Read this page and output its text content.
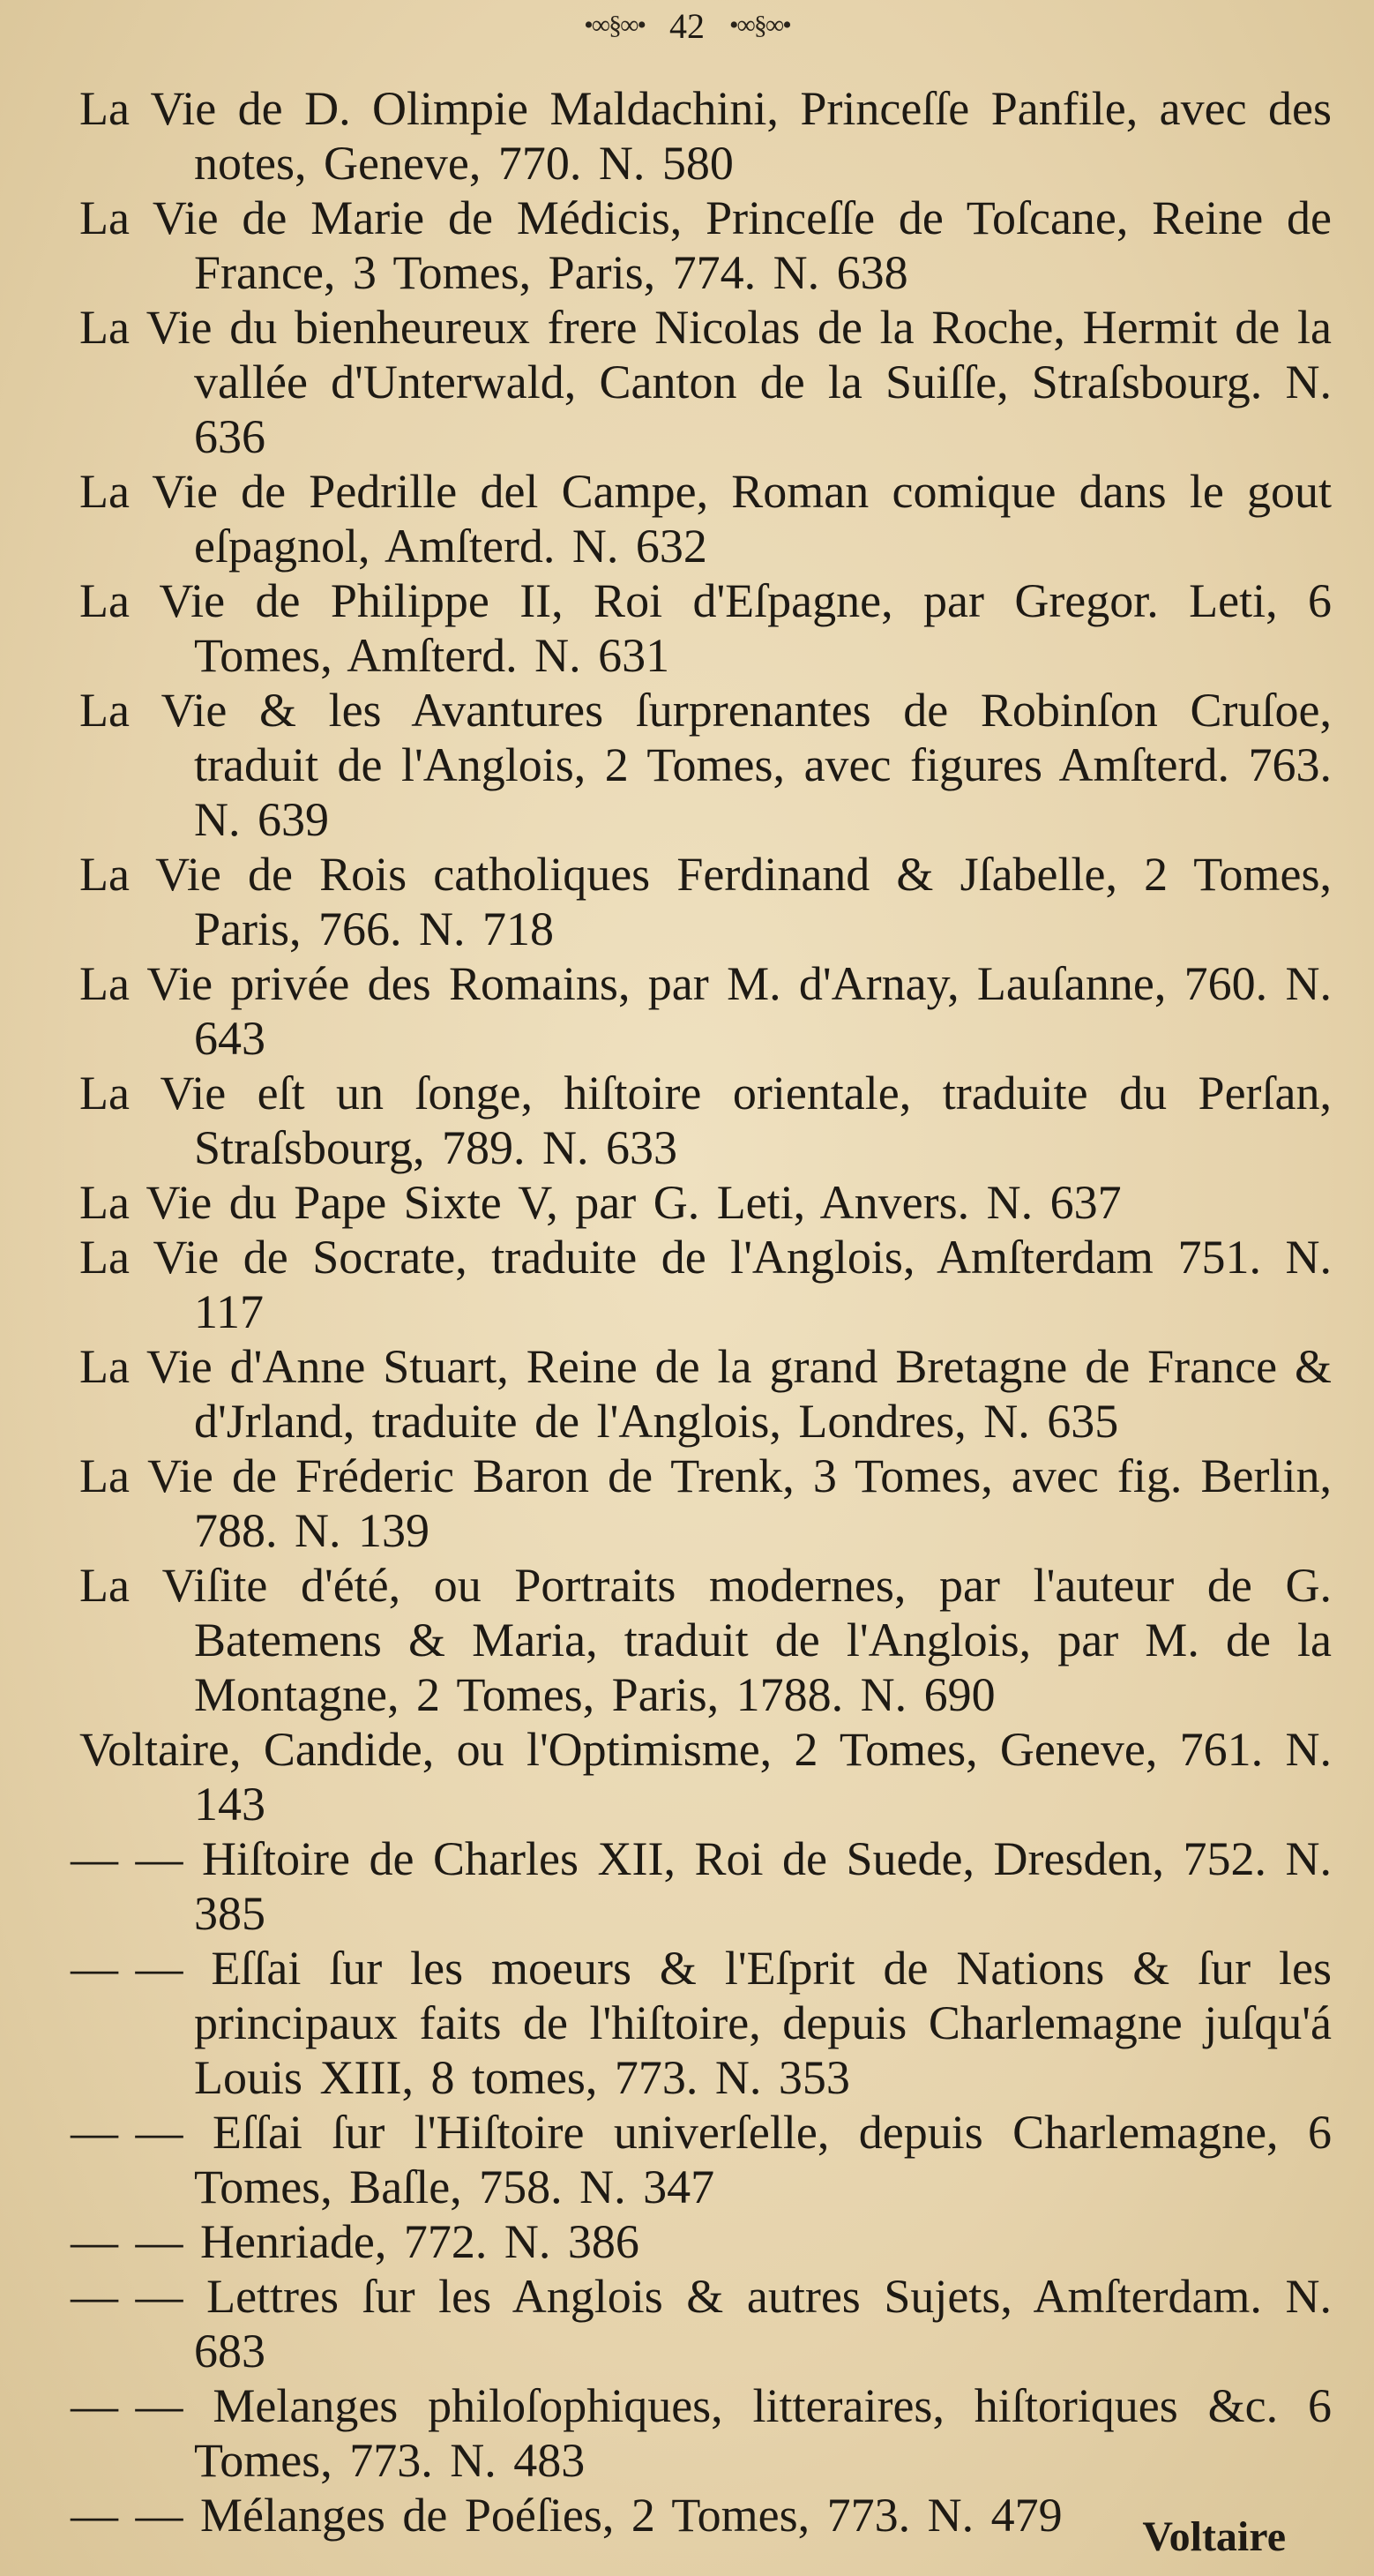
•∞§∞• 42 •∞§∞•
La Vie de D. Olimpie Maldachini, Princeſſe Panfile, avec des notes, Geneve, 770. N. 580
La Vie de Marie de Médicis, Princeſſe de Toſcane, Reine de France, 3 Tomes, Paris, 774. N. 638
La Vie du bienheureux frere Nicolas de la Roche, Hermit de la vallée d'Unterwald, Canton de la Suiſſe, Straſsbourg. N. 636
La Vie de Pedrille del Campe, Roman comique dans le gout eſpagnol, Amſterd. N. 632
La Vie de Philippe II, Roi d'Eſpagne, par Gregor. Leti, 6 Tomes, Amſterd. N. 631
La Vie & les Avantures ſurprenantes de Robinſon Cruſoe, traduit de l'Anglois, 2 Tomes, avec figures Amſterd. 763. N. 639
La Vie de Rois catholiques Ferdinand & Jſabelle, 2 Tomes, Paris, 766. N. 718
La Vie privée des Romains, par M. d'Arnay, Lauſanne, 760. N. 643
La Vie eſt un ſonge, hiſtoire orientale, traduite du Perſan, Straſsbourg, 789. N. 633
La Vie du Pape Sixte V, par G. Leti, Anvers. N. 637
La Vie de Socrate, traduite de l'Anglois, Amſterdam 751. N. 117
La Vie d'Anne Stuart, Reine de la grand Bretagne de France & d'Jrland, traduite de l'Anglois, Londres, N. 635
La Vie de Fréderic Baron de Trenk, 3 Tomes, avec fig. Berlin, 788. N. 139
La Viſite d'été, ou Portraits modernes, par l'auteur de G. Batemens & Maria, traduit de l'Anglois, par M. de la Montagne, 2 Tomes, Paris, 1788. N. 690
Voltaire, Candide, ou l'Optimisme, 2 Tomes, Geneve, 761. N. 143
— — Hiſtoire de Charles XII, Roi de Suede, Dresden, 752. N. 385
— — Eſſai ſur les moeurs & l'Eſprit de Nations & ſur les principaux faits de l'hiſtoire, depuis Charlemagne juſqu'á Louis XIII, 8 tomes, 773. N. 353
— — Eſſai ſur l'Hiſtoire univerſelle, depuis Charlemagne, 6 Tomes, Baſle, 758. N. 347
— — Henriade, 772. N. 386
— — Lettres ſur les Anglois & autres Sujets, Amſterdam. N. 683
— — Melanges philoſophiques, litteraires, hiſtoriques &c. 6 Tomes, 773. N. 483
— — Mélanges de Poéſies, 2 Tomes, 773. N. 479	Voltaire
